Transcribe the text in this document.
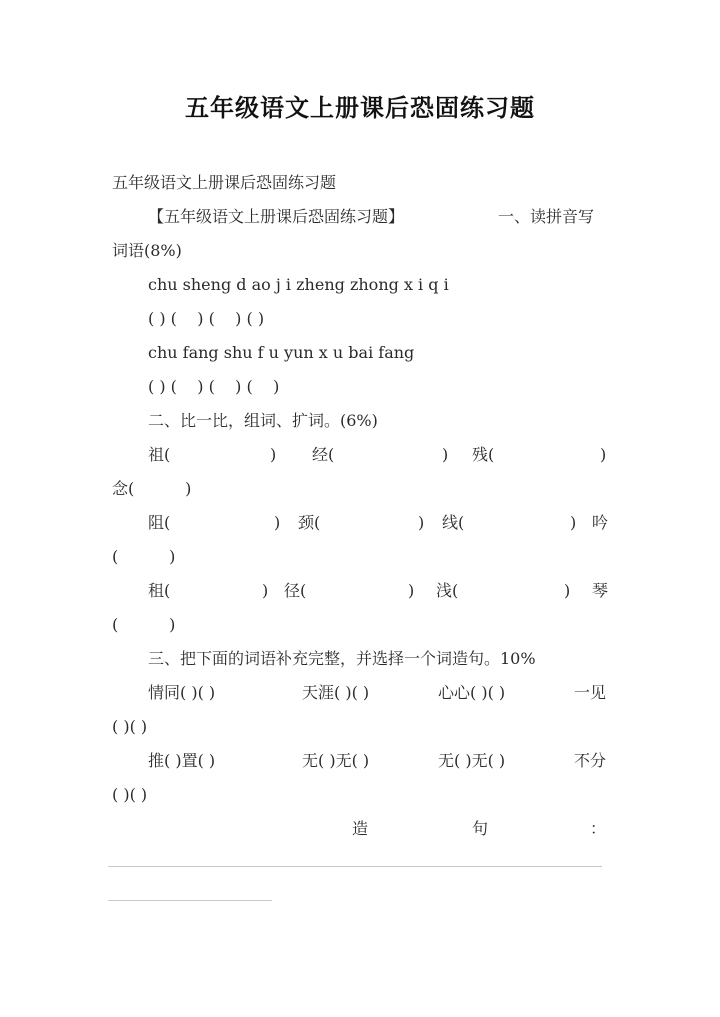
五年级语文上册课后恐固练习题
五年级语文上册课后恐固练习题
【五年级语文上册课后恐固练习题】	一、读拼音写
词语(8%)
chu sheng d ao j i zheng zhong x i q i
( ) (    ) (    ) ( )
chu fang shu f u yun x u bai fang
( ) (    ) (    ) (    )
二、比一比，组词、扩词。(6%)
祖(	) 经(	) 残(	)
念(          )
阻(	) 颈(	) 线(	) 吟
(          )
租(	) 径(	) 浅(	) 琴
(          )
三、把下面的词语补充完整，并选择一个词造句。10%
情同( )( )	天涯( )( )	心心( )( )	一见
( )( )
推( )置( )	无( )无( )	无( )无( )	不分
( )( )
造	句	：
